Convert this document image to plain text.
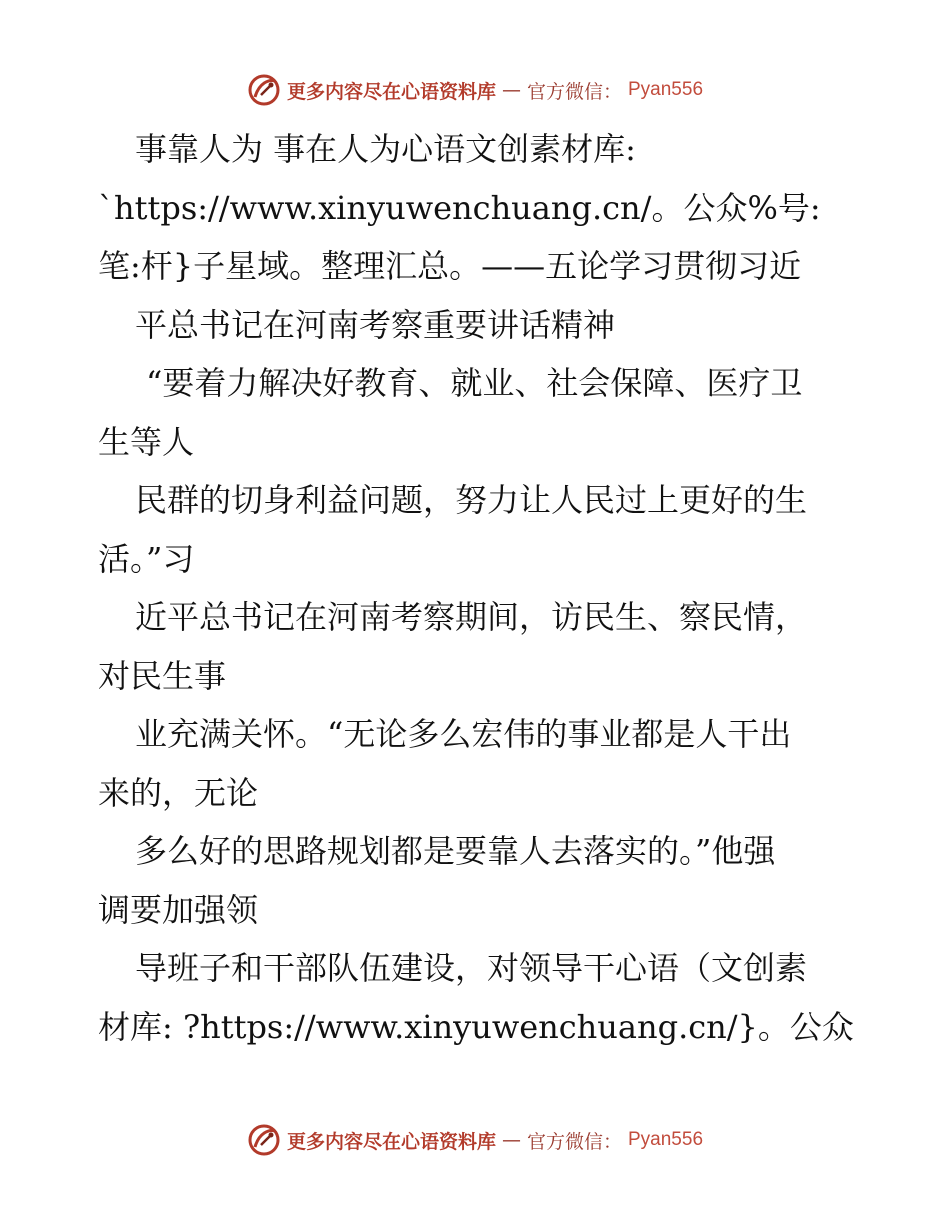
更多内容尽在心语资料库 — 官方微信： Pyan556
事靠人为 事在人为心语文创素材库:
`https://www.xinyuwenchuang.cn/。公众%号:
笔:杆}子星域。整理汇总。——五论学习贯彻习近
平总书记在河南考察重要讲话精神
“要着力解决好教育、就业、社会保障、医疗卫
生等人
民群的切身利益问题，努力让人民过上更好的生
活。”习
近平总书记在河南考察期间，访民生、察民情，
对民生事
业充满关怀。“无论多么宏伟的事业都是人干出
来的，无论
多么好的思路规划都是要靠人去落实的。”他强
调要加强领
导班子和干部队伍建设，对领导干心语（文创素
材库: ?https://www.xinyuwenchuang.cn/}。公众
更多内容尽在心语资料库 — 官方微信： Pyan556
